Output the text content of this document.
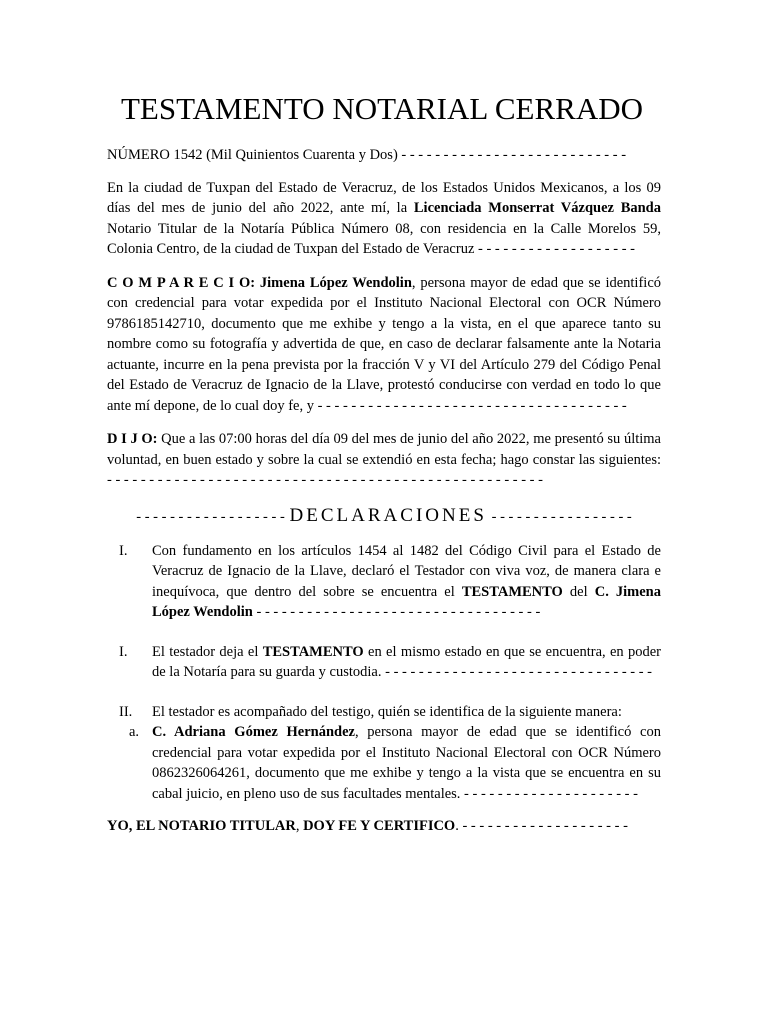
TESTAMENTO NOTARIAL CERRADO

NÚMERO 1542 (Mil Quinientos Cuarenta y Dos) - - - - - - - - - - - - - - - - - - - - - - - - - - -

En la ciudad de Tuxpan del Estado de Veracruz, de los Estados Unidos Mexicanos, a los 09 días del mes de junio del año 2022, ante mí, la Licenciada Monserrat Vázquez Banda Notario Titular de la Notaría Pública Número 08, con residencia en la Calle Morelos 59, Colonia Centro, de la ciudad de Tuxpan del Estado de Veracruz - - - - - - - - - - - - - - - - - - -

C O M P A R E C I O: Jimena López Wendolin, persona mayor de edad que se identificó con credencial para votar expedida por el Instituto Nacional Electoral con OCR Número 9786185142710, documento que me exhibe y tengo a la vista, en el que aparece tanto su nombre como su fotografía y advertida de que, en caso de declarar falsamente ante la Notaria actuante, incurre en la pena prevista por la fracción V y VI del Artículo 279 del Código Penal del Estado de Veracruz de Ignacio de la Llave, protestó conducirse con verdad en todo lo que ante mí depone, de lo cual doy fe, y - - - - - - - - - - - - - - - - - - - - - - - - - - - - - - - - - - - - -

D I J O: Que a las 07:00 horas del día 09 del mes de junio del año 2022, me presentó su última voluntad, en buen estado y sobre la cual se extendió en esta fecha; hago constar las siguientes: - - - - - - - - - - - - - - - - - - - - - - - - - - - - - - - - - - - - - - - - - - - - - - - - - - - -

- - - - - - - - - - - - - - - - - - DECLARACIONES - - - - - - - - - - - - - - - - -
I. Con fundamento en los artículos 1454 al 1482 del Código Civil para el Estado de Veracruz de Ignacio de la Llave, declaró el Testador con viva voz, de manera clara e inequívoca, que dentro del sobre se encuentra el TESTAMENTO del C. Jimena López Wendolin - - - - - - - - - - - - - - - - - - - - - - - - - - - - - - - - - -
I. El testador deja el TESTAMENTO en el mismo estado en que se encuentra, en poder de la Notaría para su guarda y custodia. - - - - - - - - - - - - - - - - - - - - - - - - - - - - - - - -
II. El testador es acompañado del testigo, quién se identifica de la siguiente manera:
a. C. Adriana Gómez Hernández, persona mayor de edad que se identificó con credencial para votar expedida por el Instituto Nacional Electoral con OCR Número 0862326064261, documento que me exhibe y tengo a la vista que se encuentra en su cabal juicio, en pleno uso de sus facultades mentales. - - - - - - - - - - - - - - - - - - - - -

YO, EL NOTARIO TITULAR, DOY FE Y CERTIFICO. - - - - - - - - - - - - - - - - - - - -
